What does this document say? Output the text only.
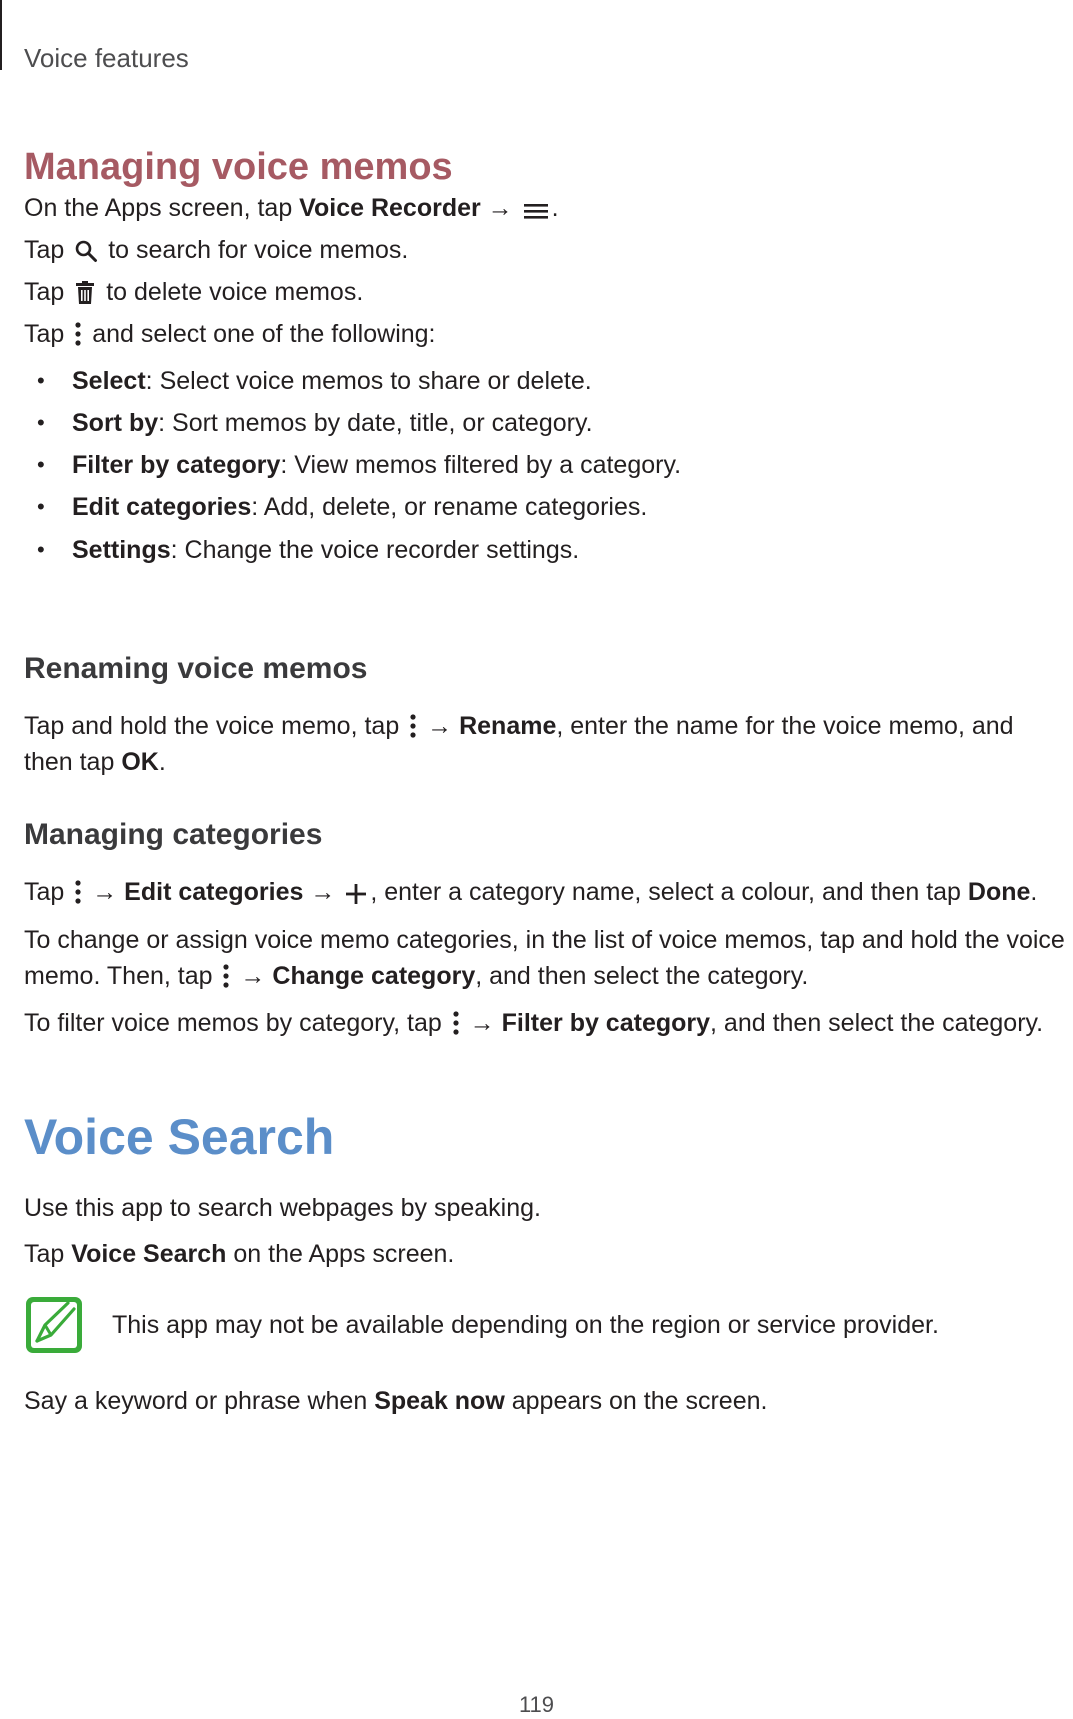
Voice features
Managing voice memos
On the Apps screen, tap Voice Recorder → .
Tap  to search for voice memos.
Tap  to delete voice memos.
Tap  and select one of the following:
• Select: Select voice memos to share or delete.
• Sort by: Sort memos by date, title, or category.
• Filter by category: View memos filtered by a category.
• Edit categories: Add, delete, or rename categories.
• Settings: Change the voice recorder settings.
Renaming voice memos
Tap and hold the voice memo, tap  → Rename, enter the name for the voice memo, and
then tap OK.
Managing categories
Tap  → Edit categories → , enter a category name, select a colour, and then tap Done.
To change or assign voice memo categories, in the list of voice memos, tap and hold the voice
memo. Then, tap  → Change category, and then select the category.
To filter voice memos by category, tap  → Filter by category, and then select the category.
Voice Search
Use this app to search webpages by speaking.
Tap Voice Search on the Apps screen.
This app may not be available depending on the region or service provider.
Say a keyword or phrase when Speak now appears on the screen.
119
